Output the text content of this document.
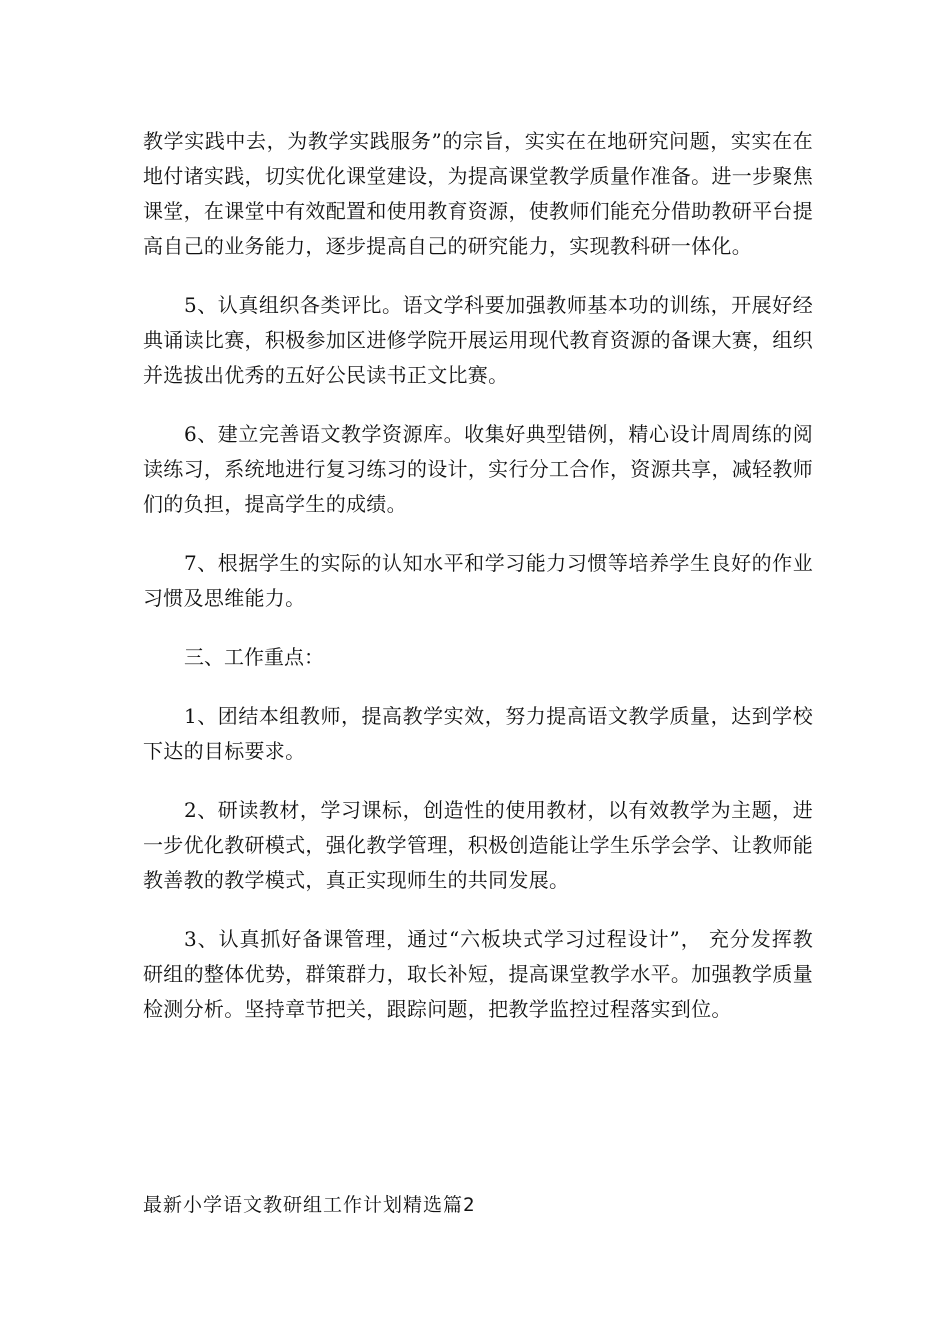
教学实践中去，为教学实践服务”的宗旨，实实在在地研究问题，实实在在地付诸实践，切实优化课堂建设，为提高课堂教学质量作准备。进一步聚焦课堂，在课堂中有效配置和使用教育资源，使教师们能充分借助教研平台提高自己的业务能力，逐步提高自己的研究能力，实现教科研一体化。

5、认真组织各类评比。语文学科要加强教师基本功的训练，开展好经典诵读比赛，积极参加区进修学院开展运用现代教育资源的备课大赛，组织并选拔出优秀的五好公民读书正文比赛。

6、建立完善语文教学资源库。收集好典型错例，精心设计周周练的阅读练习，系统地进行复习练习的设计，实行分工合作，资源共享，减轻教师们的负担，提高学生的成绩。

7、根据学生的实际的认知水平和学习能力习惯等培养学生良好的作业习惯及思维能力。

三、工作重点：

1、团结本组教师，提高教学实效，努力提高语文教学质量，达到学校下达的目标要求。

2、研读教材，学习课标，创造性的使用教材，以有效教学为主题，进一步优化教研模式，强化教学管理，积极创造能让学生乐学会学、让教师能教善教的教学模式，真正实现师生的共同发展。

3、认真抓好备课管理，通过“六板块式学习过程设计”， 充分发挥教研组的整体优势，群策群力，取长补短，提高课堂教学水平。加强教学质量检测分析。坚持章节把关，跟踪问题，把教学监控过程落实到位。

最新小学语文教研组工作计划精选篇2
